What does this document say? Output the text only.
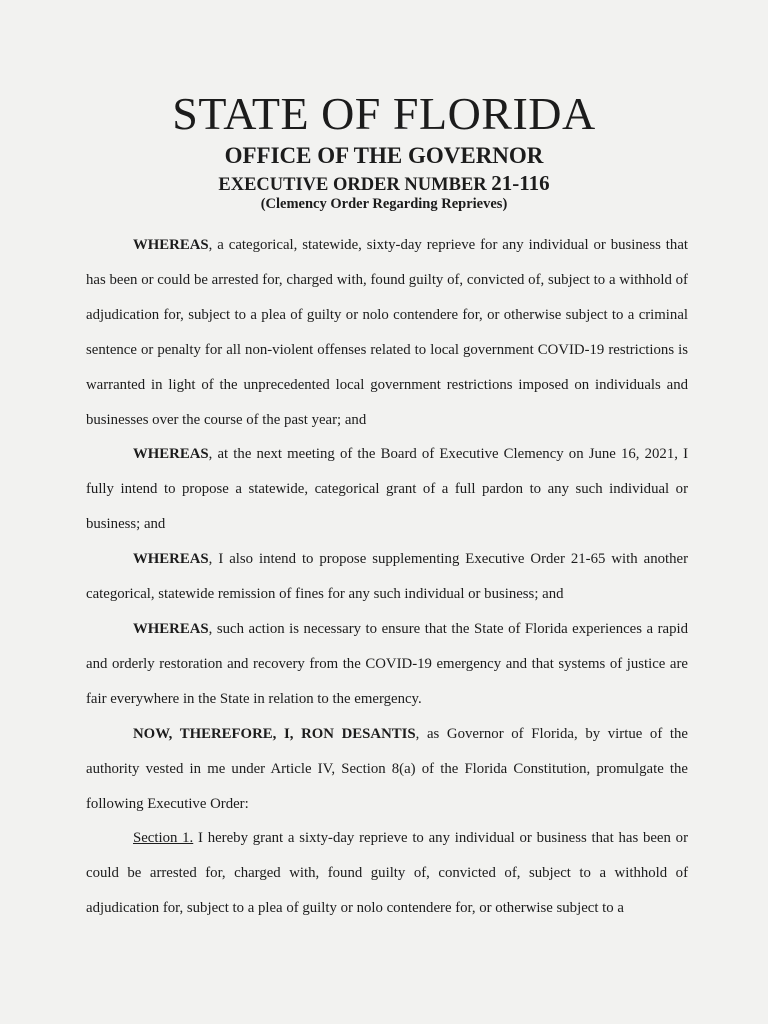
STATE OF FLORIDA
OFFICE OF THE GOVERNOR
EXECUTIVE ORDER NUMBER 21-116
(Clemency Order Regarding Reprieves)

WHEREAS, a categorical, statewide, sixty-day reprieve for any individual or business that has been or could be arrested for, charged with, found guilty of, convicted of, subject to a withhold of adjudication for, subject to a plea of guilty or nolo contendere for, or otherwise subject to a criminal sentence or penalty for all non-violent offenses related to local government COVID-19 restrictions is warranted in light of the unprecedented local government restrictions imposed on individuals and businesses over the course of the past year; and

WHEREAS, at the next meeting of the Board of Executive Clemency on June 16, 2021, I fully intend to propose a statewide, categorical grant of a full pardon to any such individual or business; and

WHEREAS, I also intend to propose supplementing Executive Order 21-65 with another categorical, statewide remission of fines for any such individual or business; and

WHEREAS, such action is necessary to ensure that the State of Florida experiences a rapid and orderly restoration and recovery from the COVID-19 emergency and that systems of justice are fair everywhere in the State in relation to the emergency.

NOW, THEREFORE, I, RON DESANTIS, as Governor of Florida, by virtue of the authority vested in me under Article IV, Section 8(a) of the Florida Constitution, promulgate the following Executive Order:

Section 1. I hereby grant a sixty-day reprieve to any individual or business that has been or could be arrested for, charged with, found guilty of, convicted of, subject to a withhold of adjudication for, subject to a plea of guilty or nolo contendere for, or otherwise subject to a
